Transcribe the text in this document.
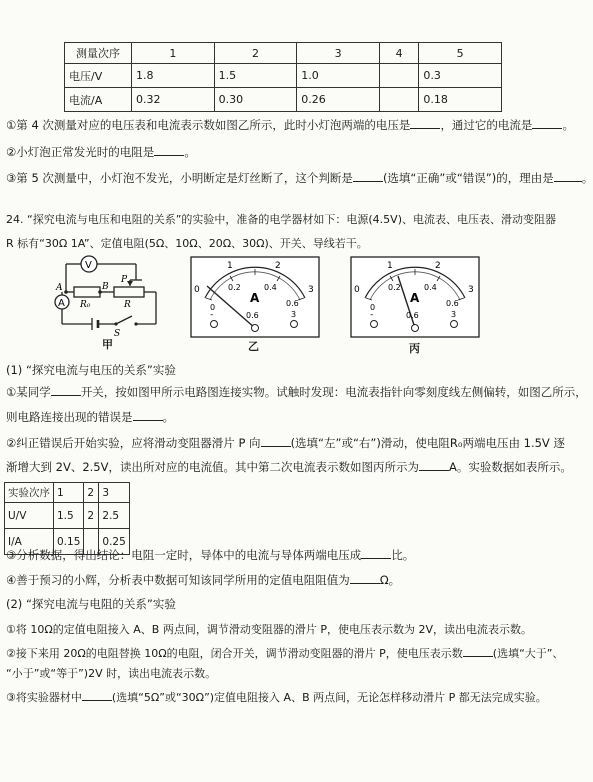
测量次序	1	2	3	4	5
电压/V	1.8	1.5	1.0		0.3
电流/A	0.32	0.30	0.26		0.18
①第 4 次测量对应的电压表和电流表示数如图乙所示，此时小灯泡两端的电压是	，通过它的电流是	。
②小灯泡正常发光时的电阻是	。
③第 5 次测量中，小灯泡不发光，小明断定是灯丝断了，这个判断是	(选填“正确”或“错误”)的，理由是 。
24. “探究电流与电压和电阻的关系”的实验中，准备的电学器材如下：电源(4.5V)、电流表、电压表、滑动变阻器
R 标有“30Ω 1A”、定值电阻(5Ω、10Ω、20Ω、30Ω)、开关、导线若干。
V
A R₀	R
P
A	B
S
甲
0
1	2
3
0
0.2	0.4
0.6
A
-	0.6	3
乙
0
1	2
3
0
0.2	0.4
0.6
A
-	0.6	3
丙
(1) “探究电流与电压的关系”实验
①某同学	开关，按如图甲所示电路图连接实物。试触时发现：电流表指针向零刻度线左侧偏转，如图乙所示，
则电路连接出现的错误是	。
②纠正错误后开始实验，应将滑动变阻器滑片 P 向	(选填“左”或“右”)滑动，使电阻R₀两端电压由 1.5V 逐
渐增大到 2V、2.5V，读出所对应的电流值。其中第二次电流表示数如图丙所示为	A。实验数据如表所示。
实验次序	1	2	3
U/V	1.5	2	2.5
I/A	0.15		0.25
③分析数据，得出结论：电阻一定时，导体中的电流与导体两端电压成	比。
④善于预习的小辉，分析表中数据可知该同学所用的定值电阻阻值为	Ω。
(2) “探究电流与电阻的关系”实验
①将 10Ω的定值电阻接入 A、B 两点间，调节滑动变阻器的滑片 P，使电压表示数为 2V，读出电流表示数。
②接下来用 20Ω的电阻替换 10Ω的电阻，闭合开关，调节滑动变阻器的滑片 P，使电压表示数	(选填“大于”、
“小于”或“等于”)2V 时，读出电流表示数。
③将实验器材中	(选填“5Ω”或“30Ω”)定值电阻接入 A、B 两点间，无论怎样移动滑片 P 都无法完成实验。
